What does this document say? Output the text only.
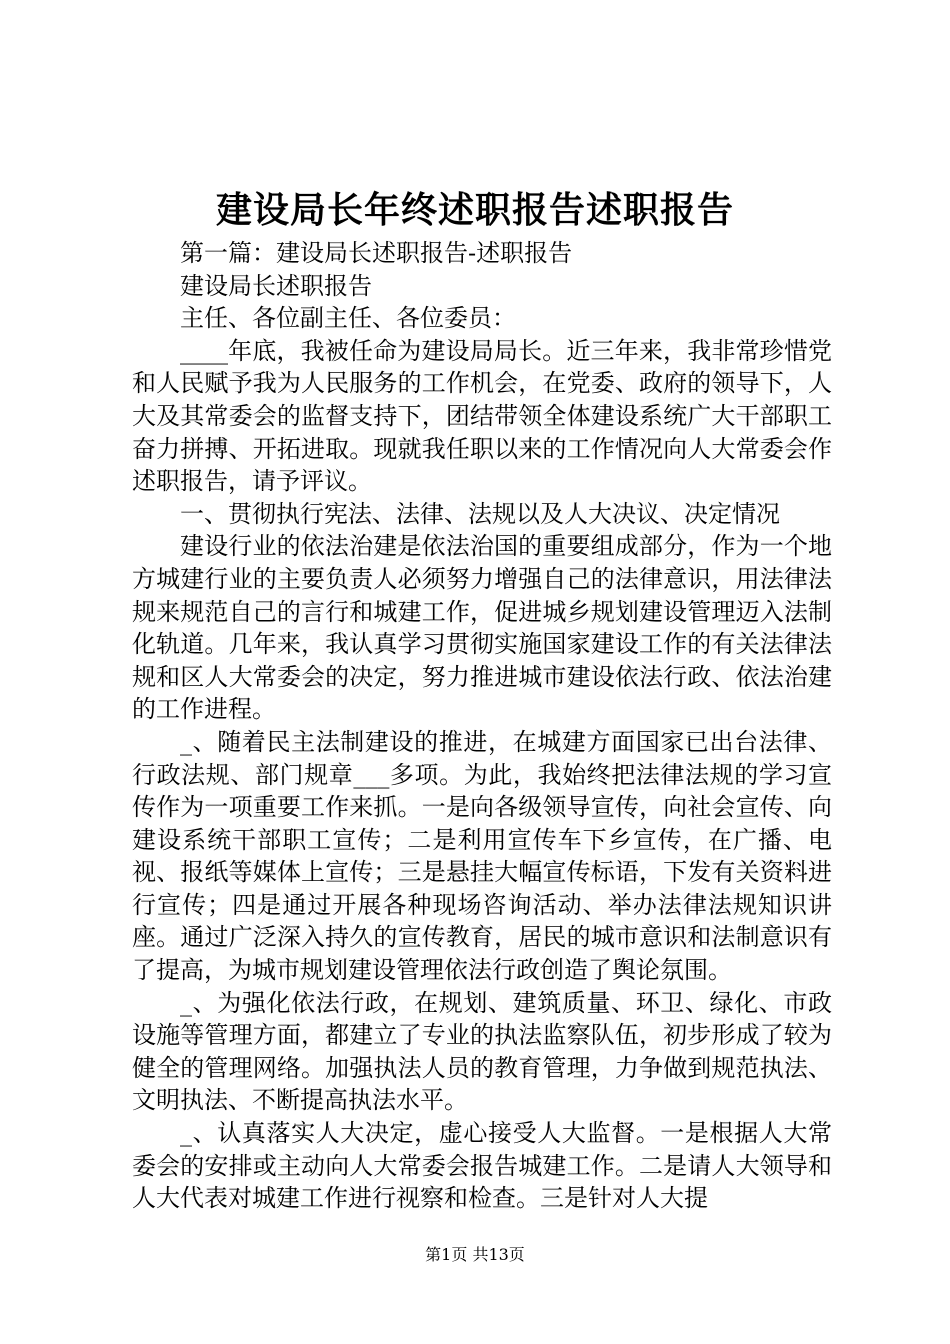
建设局长年终述职报告述职报告

第一篇：建设局长述职报告-述职报告

建设局长述职报告

主任、各位副主任、各位委员：

____年底，我被任命为建设局局长。近三年来，我非常珍惜党和人民赋予我为人民服务的工作机会，在党委、政府的领导下，人大及其常委会的监督支持下，团结带领全体建设系统广大干部职工奋力拼搏、开拓进取。现就我任职以来的工作情况向人大常委会作述职报告，请予评议。

一、贯彻执行宪法、法律、法规以及人大决议、决定情况

建设行业的依法治建是依法治国的重要组成部分，作为一个地方城建行业的主要负责人必须努力增强自己的法律意识，用法律法规来规范自己的言行和城建工作，促进城乡规划建设管理迈入法制化轨道。几年来，我认真学习贯彻实施国家建设工作的有关法律法规和区人大常委会的决定，努力推进城市建设依法行政、依法治建的工作进程。

_、随着民主法制建设的推进，在城建方面国家已出台法律、行政法规、部门规章___多项。为此，我始终把法律法规的学习宣传作为一项重要工作来抓。一是向各级领导宣传，向社会宣传、向建设系统干部职工宣传；二是利用宣传车下乡宣传，在广播、电视、报纸等媒体上宣传；三是悬挂大幅宣传标语，下发有关资料进行宣传；四是通过开展各种现场咨询活动、举办法律法规知识讲座。通过广泛深入持久的宣传教育，居民的城市意识和法制意识有了提高，为城市规划建设管理依法行政创造了舆论氛围。

_、为强化依法行政，在规划、建筑质量、环卫、绿化、市政设施等管理方面，都建立了专业的执法监察队伍，初步形成了较为健全的管理网络。加强执法人员的教育管理，力争做到规范执法、文明执法、不断提高执法水平。

_、认真落实人大决定，虚心接受人大监督。一是根据人大常委会的安排或主动向人大常委会报告城建工作。二是请人大领导和人大代表对城建工作进行视察和检查。三是针对人大提

第1页 共13页
